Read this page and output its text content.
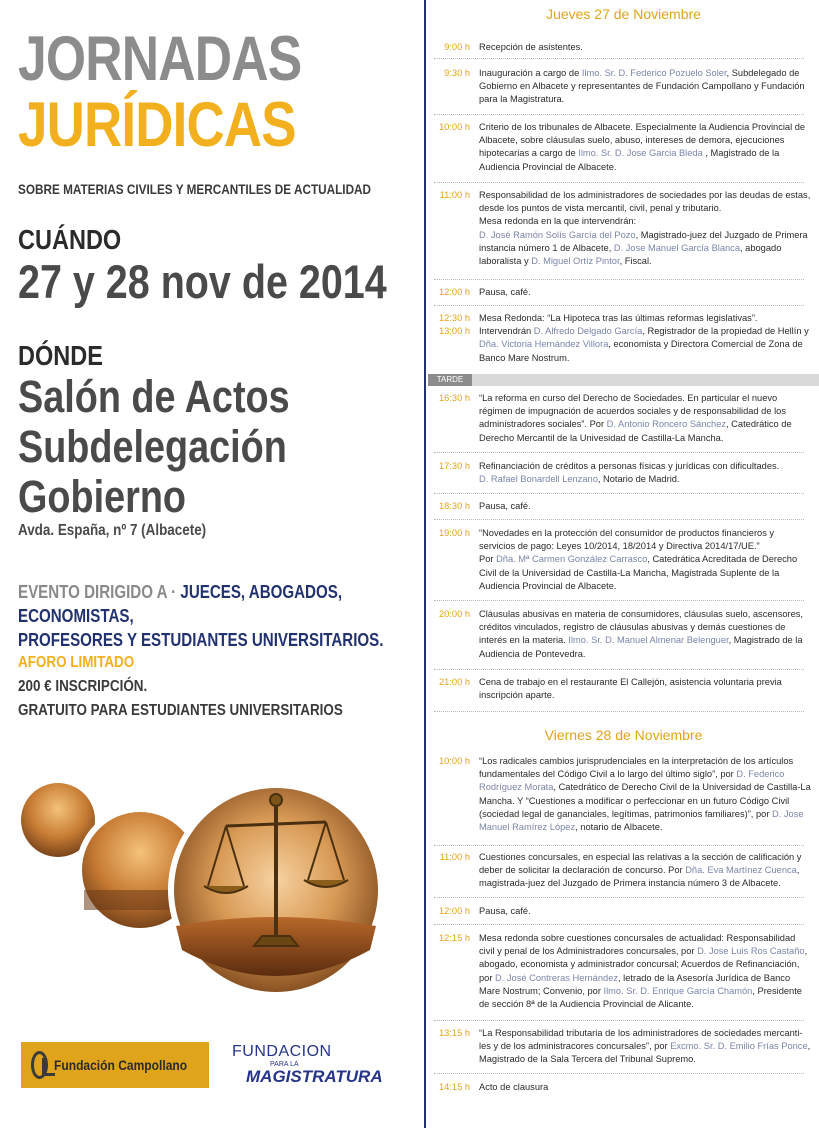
JORNADAS
JURÍDICAS
SOBRE MATERIAS CIVILES Y MERCANTILES DE ACTUALIDAD
CUÁNDO
27 y 28 nov de 2014
DÓNDE
Salón de Actos
Subdelegación
Gobierno
Avda. España, nº 7 (Albacete)
EVENTO DIRIGIDO A · JUECES, ABOGADOS, ECONOMISTAS,
PROFESORES Y ESTUDIANTES UNIVERSITARIOS.
AFORO LIMITADO
200 € INSCRIPCIÓN.
GRATUITO PARA ESTUDIANTES UNIVERSITARIOS
Fundación Campollano
FUNDACION
PARA LA
MAGISTRATURA
Jueves 27 de Noviembre
TARDE
Viernes 28 de Noviembre
9:00 h Recepción de asistentes.
9:30 h Inauguración a cargo de Ilmo. Sr. D. Federico Pozuelo Soler, Subdelegado de Gobierno en Albacete y representantes de Fundación Campollano y Fundación para la Magistratura.
10:00 h Criterio de los tribunales de Albacete. Especialmente la Audiencia Provincial de Albacete, sobre cláusulas suelo, abuso, intereses de demora, ejecuciones hipotecarias a cargo de Ilmo. Sr. D. Jose Garcia Bleda , Magistrado de la Audiencia Provincial de Albacete.
11:00 h Responsabilidad de los administradores de sociedades por las deudas de estas, desde los puntos de vista mercantil, civil, penal y tributario.
Mesa redonda en la que intervendrán:
D. José Ramón Solís García del Pozo, Magistrado-juez del Juzgado de Primera instancia número 1 de Albacete, D. Jose Manuel García Blanca, abogado laboralista y D. Miguel Ortíz Pintor, Fiscal.
12:00 h Pausa, café.
12:30 h
13:00 h
Mesa Redonda: “La Hipoteca tras las últimas reformas legislativas”.
Intervendrán D. Alfredo Delgado García, Registrador de la propiedad de Hellín y Dña. Victoria Hernández Villora, economista y Directora Comercial de Zona de Banco Mare Nostrum.
16:30 h “La reforma en curso del Derecho de Sociedades. En particular el nuevo régimen de impugnación de acuerdos sociales y de responsabilidad de los administradores sociales”. Por D. Antonio Roncero Sánchez, Catedrático de Derecho Mercantil de la Univesidad de Castilla-La Mancha.
17:30 h Refinanciación de créditos a personas físicas y jurídicas con dificultades.
D. Rafael Bonardell Lenzano, Notario de Madrid.
18:30 h Pausa, café.
19:00 h “Novedades en la protección del consumidor de productos financieros y servicios de pago: Leyes 10/2014, 18/2014 y Directiva 2014/17/UE.”
Por Dña. Mª Carmen González Carrasco, Catedrática Acreditada de Derecho Civil de la Universidad de Castilla-La Mancha, Magistrada Suplente de la Audiencia Provincial de Albacete.
20:00 h Cláusulas abusivas en materia de consumidores, cláusulas suelo, ascensores, créditos vinculados, registro de cláusulas abusivas y demás cuestiones de interés en la materia. Ilmo. Sr. D. Manuel Almenar Belenguer, Magistrado de la Audiencia de Pontevedra.
21:00 h Cena de trabajo en el restaurante El Callejón, asistencia voluntaria previa inscripción aparte.
10:00 h “Los radicales cambios jurisprudenciales en la interpretación de los artículos fundamentales del Código Civil a lo largo del último siglo”, por D. Federico Rodríguez Morata, Catedrático de Derecho Civil de la Universidad de Castilla-La Mancha. Y “Cuestiones a modificar o perfeccionar en un futuro Código Civil (sociedad legal de gananciales, legítimas, patrimonios familiares)”, por D. Jose Manuel Ramírez López, notario de Albacete.
11:00 h Cuestiones concursales, en especial las relativas a la sección de calificación y deber de solicitar la declaración de concurso. Por Dña. Eva Martínez Cuenca, magistrada-juez del Juzgado de Primera instancia número 3 de Albacete.
12:00 h Pausa, café.
12:15 h Mesa redonda sobre cuestiones concursales de actualidad: Responsabilidad civil y penal de los Administradores concursales, por D. Jose Luis Ros Castaño, abogado, economista y administrador concursal; Acuerdos de Refinanciación, por D. José Contreras Hernández, letrado de la Asesoría Jurídica de Banco Mare Nostrum; Convenio, por Ilmo. Sr. D. Enrique García Chamón, Presidente de sección 8ª de la Audiencia Provincial de Alicante.
13:15 h “La Responsabilidad tributaria de los administradores de sociedades mercanti-les y de los administracores concursales”, por Excmo. Sr. D. Emilio Frías Ponce, Magistrado de la Sala Tercera del Tribunal Supremo.
14:15 h Acto de clausura
